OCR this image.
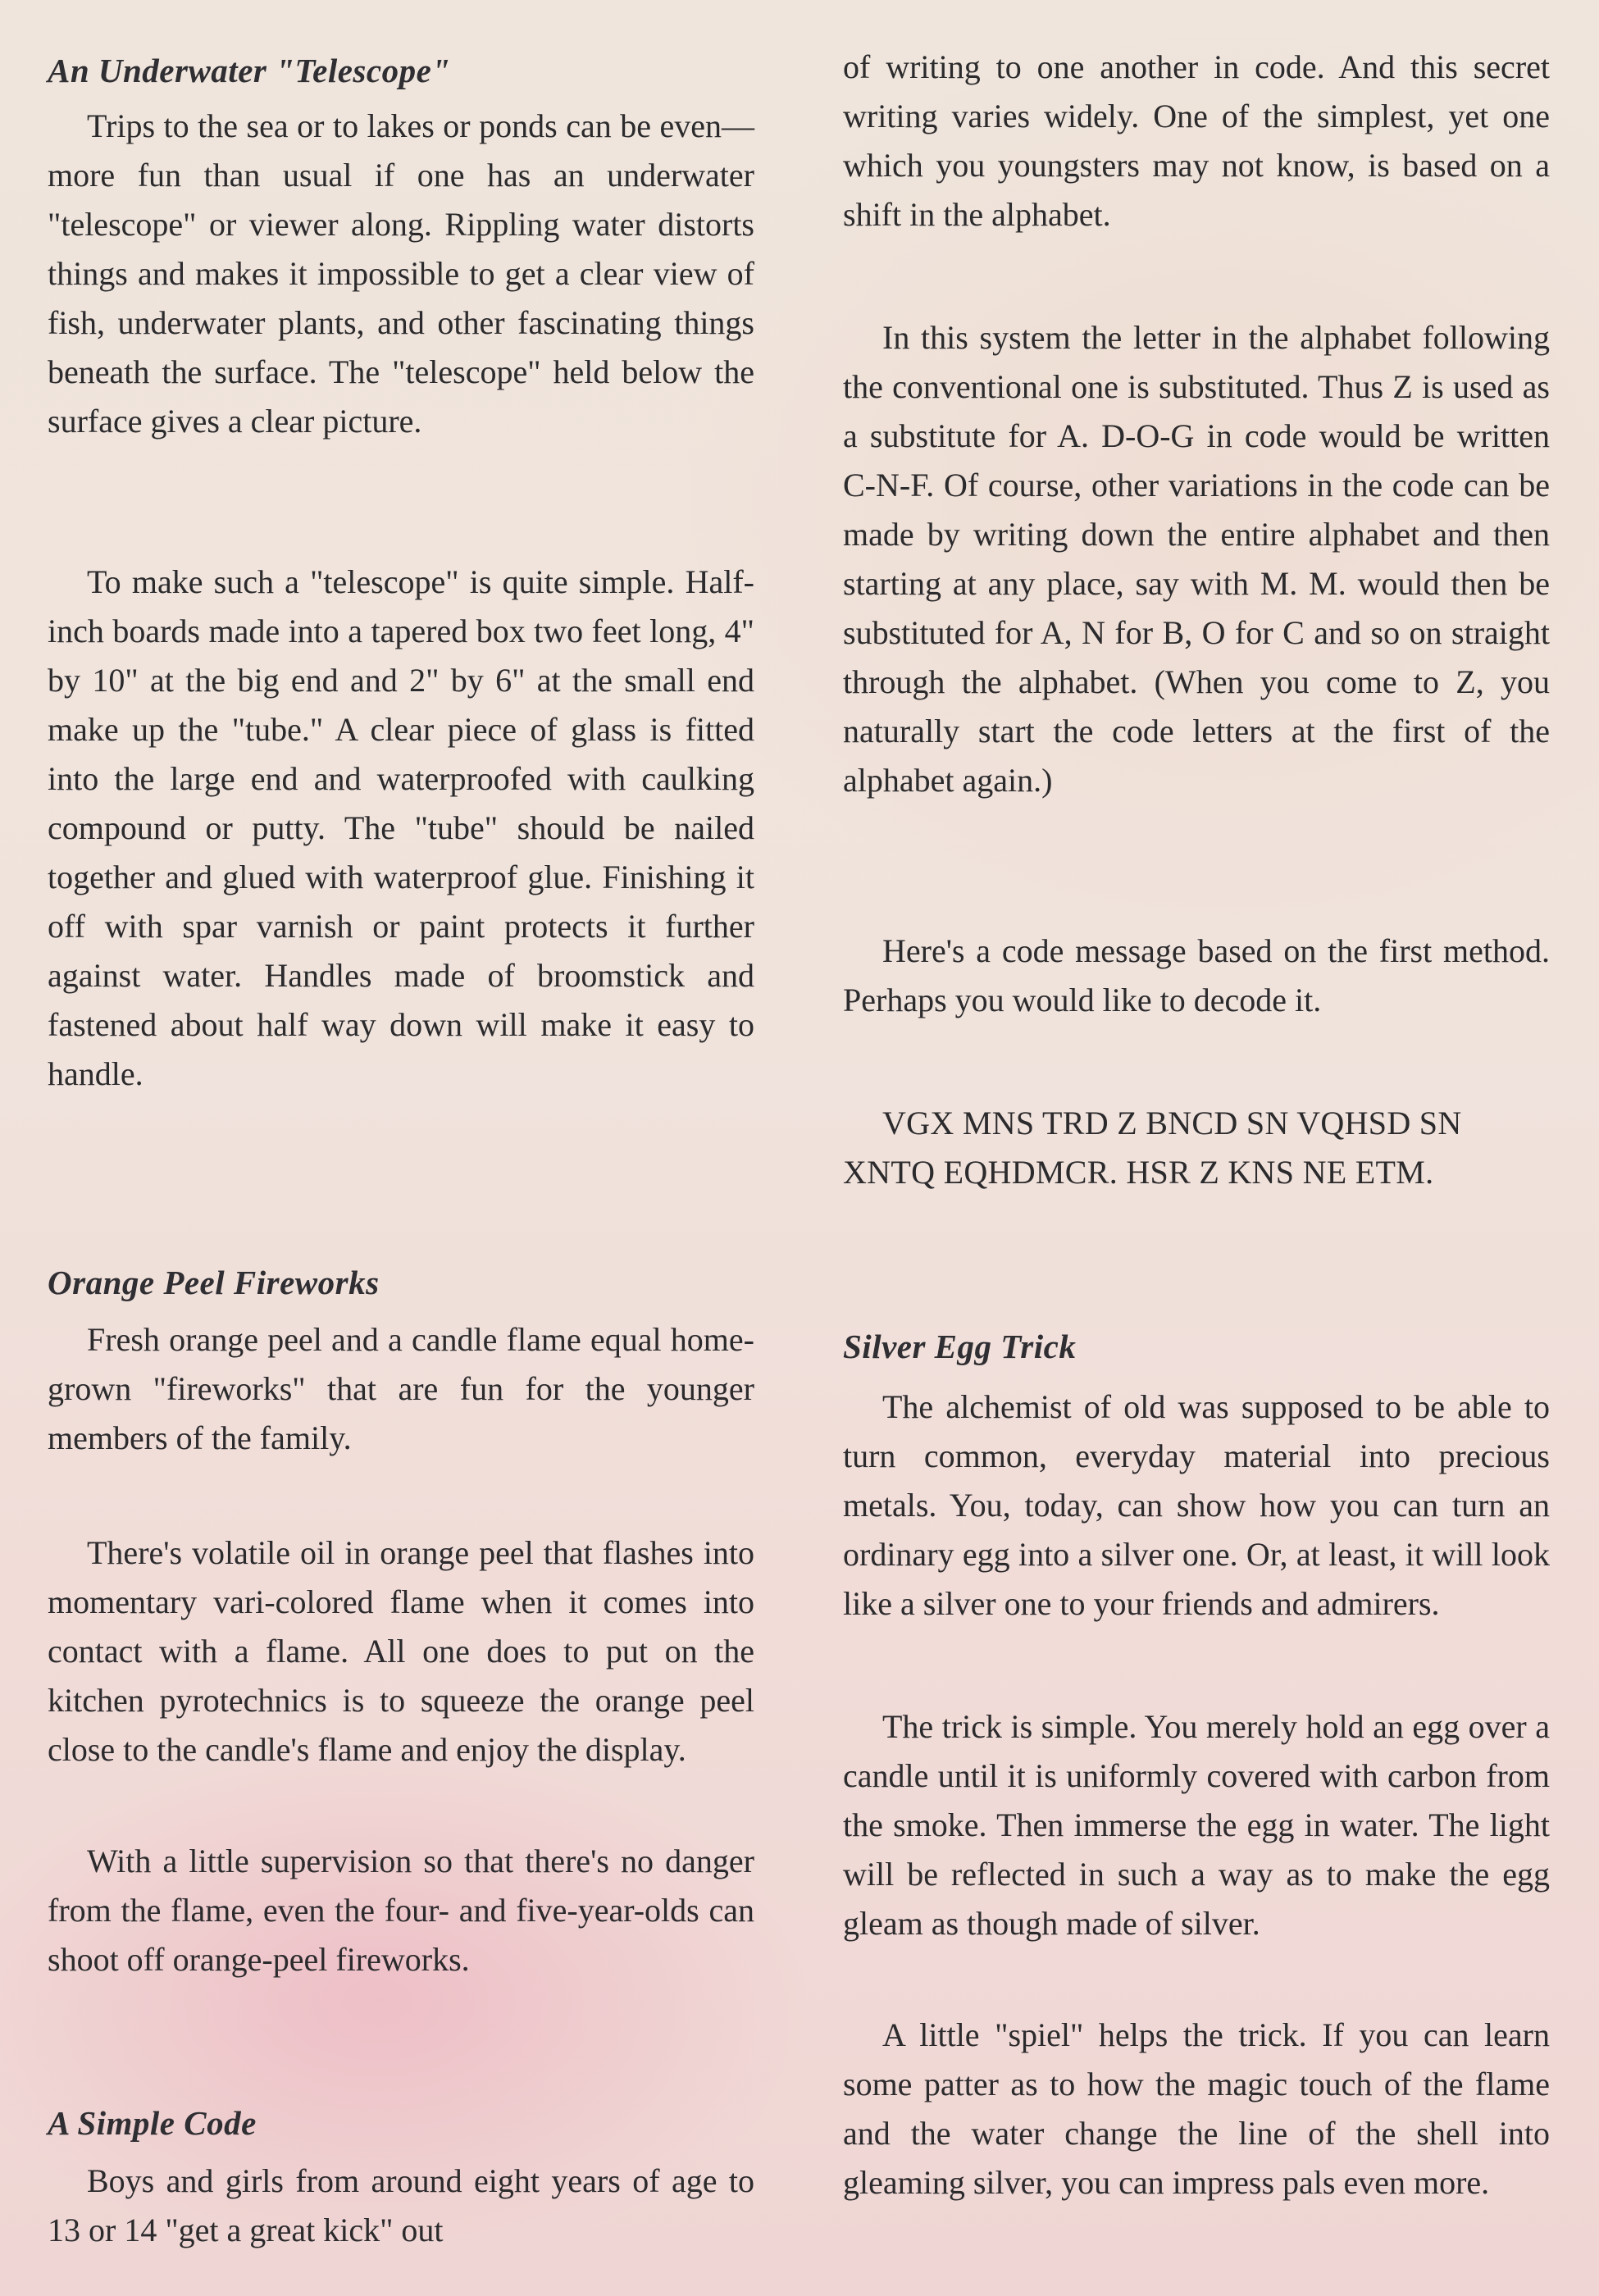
An Underwater "Telescope"

Trips to the sea or to lakes or ponds can be even— more fun than usual if one has an underwater "telescope" or viewer along. Rippling water distorts things and makes it impossible to get a clear view of fish, underwater plants, and other fascinating things beneath the surface. The "telescope" held below the surface gives a clear picture.

To make such a "telescope" is quite simple. Half-inch boards made into a tapered box two feet long, 4" by 10" at the big end and 2" by 6" at the small end make up the "tube." A clear piece of glass is fitted into the large end and waterproofed with caulking compound or putty. The "tube" should be nailed together and glued with waterproof glue. Finishing it off with spar varnish or paint protects it further against water. Handles made of broomstick and fastened about half way down will make it easy to handle.

Orange Peel Fireworks

Fresh orange peel and a candle flame equal home-grown "fireworks" that are fun for the younger members of the family.

There's volatile oil in orange peel that flashes into momentary vari-colored flame when it comes into contact with a flame. All one does to put on the kitchen pyrotechnics is to squeeze the orange peel close to the candle's flame and enjoy the display.

With a little supervision so that there's no danger from the flame, even the four- and five-year-olds can shoot off orange-peel fireworks.

A Simple Code

Boys and girls from around eight years of age to 13 or 14 "get a great kick" out

of writing to one another in code. And this secret writing varies widely. One of the simplest, yet one which you youngsters may not know, is based on a shift in the alphabet.

In this system the letter in the alphabet following the conventional one is substituted. Thus Z is used as a substitute for A. D-O-G in code would be written C-N-F. Of course, other variations in the code can be made by writing down the entire alphabet and then starting at any place, say with M. M. would then be substituted for A, N for B, O for C and so on straight through the alphabet. (When you come to Z, you naturally start the code letters at the first of the alphabet again.)

Here's a code message based on the first method. Perhaps you would like to decode it.

VGX MNS TRD Z BNCD SN VQHSD SN XNTQ EQHDMCR. HSR Z KNS NE ETM.

Silver Egg Trick

The alchemist of old was supposed to be able to turn common, everyday material into precious metals. You, today, can show how you can turn an ordinary egg into a silver one. Or, at least, it will look like a silver one to your friends and admirers.

The trick is simple. You merely hold an egg over a candle until it is uniformly covered with carbon from the smoke. Then immerse the egg in water. The light will be reflected in such a way as to make the egg gleam as though made of silver.

A little "spiel" helps the trick. If you can learn some patter as to how the magic touch of the flame and the water change the line of the shell into gleaming silver, you can impress pals even more.
